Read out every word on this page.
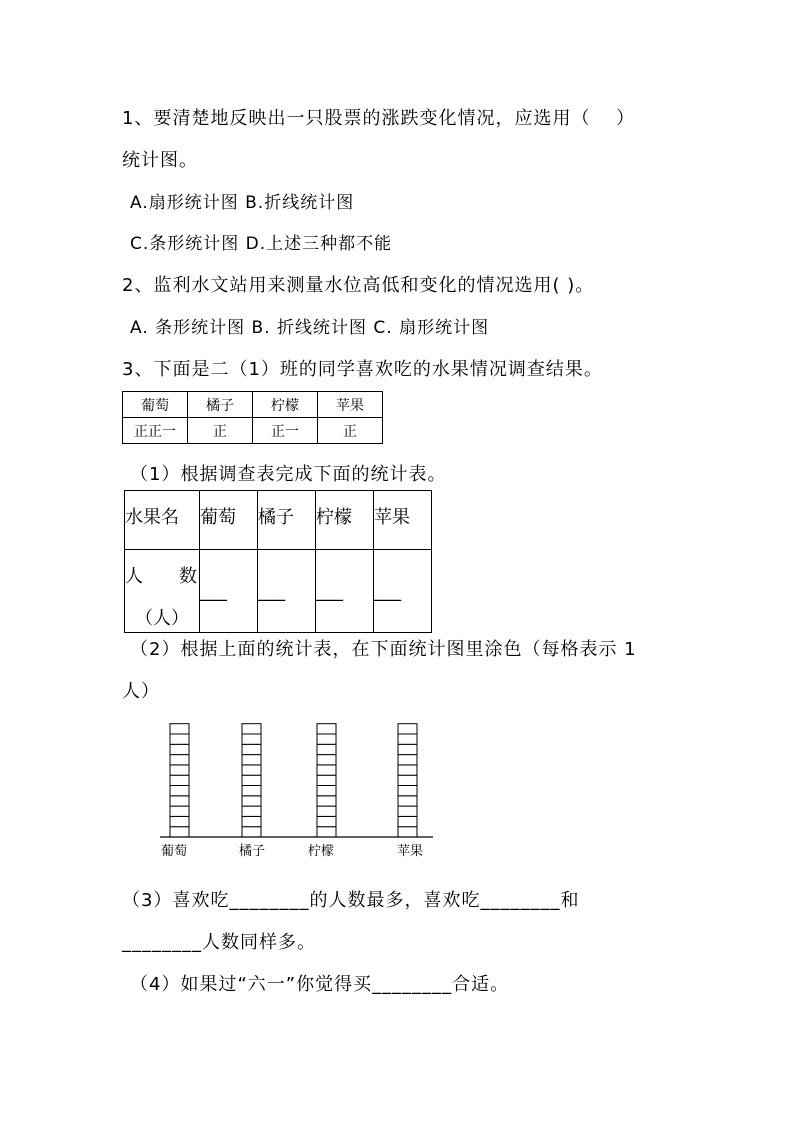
1、要清楚地反映出一只股票的涨跌变化情况，应选用（　 ）
统计图。
A.扇形统计图 B.折线统计图
C.条形统计图 D.上述三种都不能
2、监利水文站用来测量水位高低和变化的情况选用( )。
A. 条形统计图 B. 折线统计图 C. 扇形统计图
3、下面是二（1）班的同学喜欢吃的水果情况调查结果。
葡萄	橘子	柠檬	苹果
正正一	正	正一	正
（1）根据调查表完成下面的统计表。
水果名	葡萄	橘子	柠檬	苹果

人　　数
（人）	___	___	___	___
（2）根据上面的统计表，在下面统计图里涂色（每格表示 1
人）
葡萄	橘子	柠檬	苹果
（3）喜欢吃________的人数最多，喜欢吃________和
________人数同样多。
（4）如果过“六一”你觉得买________合适。
